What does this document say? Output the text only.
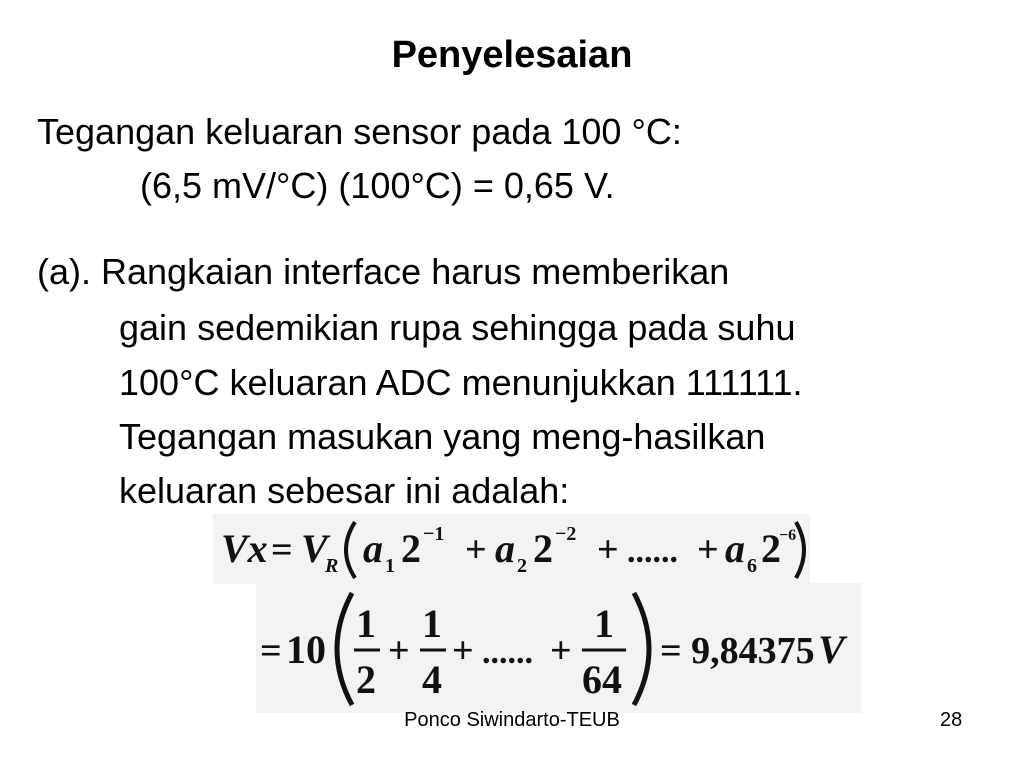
Penyelesaian
Tegangan keluaran sensor pada 100 °C:
(6,5 mV/°C) (100°C) = 0,65 V.
(a). Rangkaian interface harus memberikan
gain sedemikian rupa sehingga pada suhu
100°C keluaran ADC menunjukkan 111111.
Tegangan masukan yang meng-hasilkan
keluaran sebesar ini adalah:
Vx = V
R a 1 2 −1 + a 2 2 −2 + ...... + a 6 2
−6
= 10
1
2
+
1
4
+ ...... +
1
64
= 9,84375 V
Ponco Siwindarto-TEUB	28
